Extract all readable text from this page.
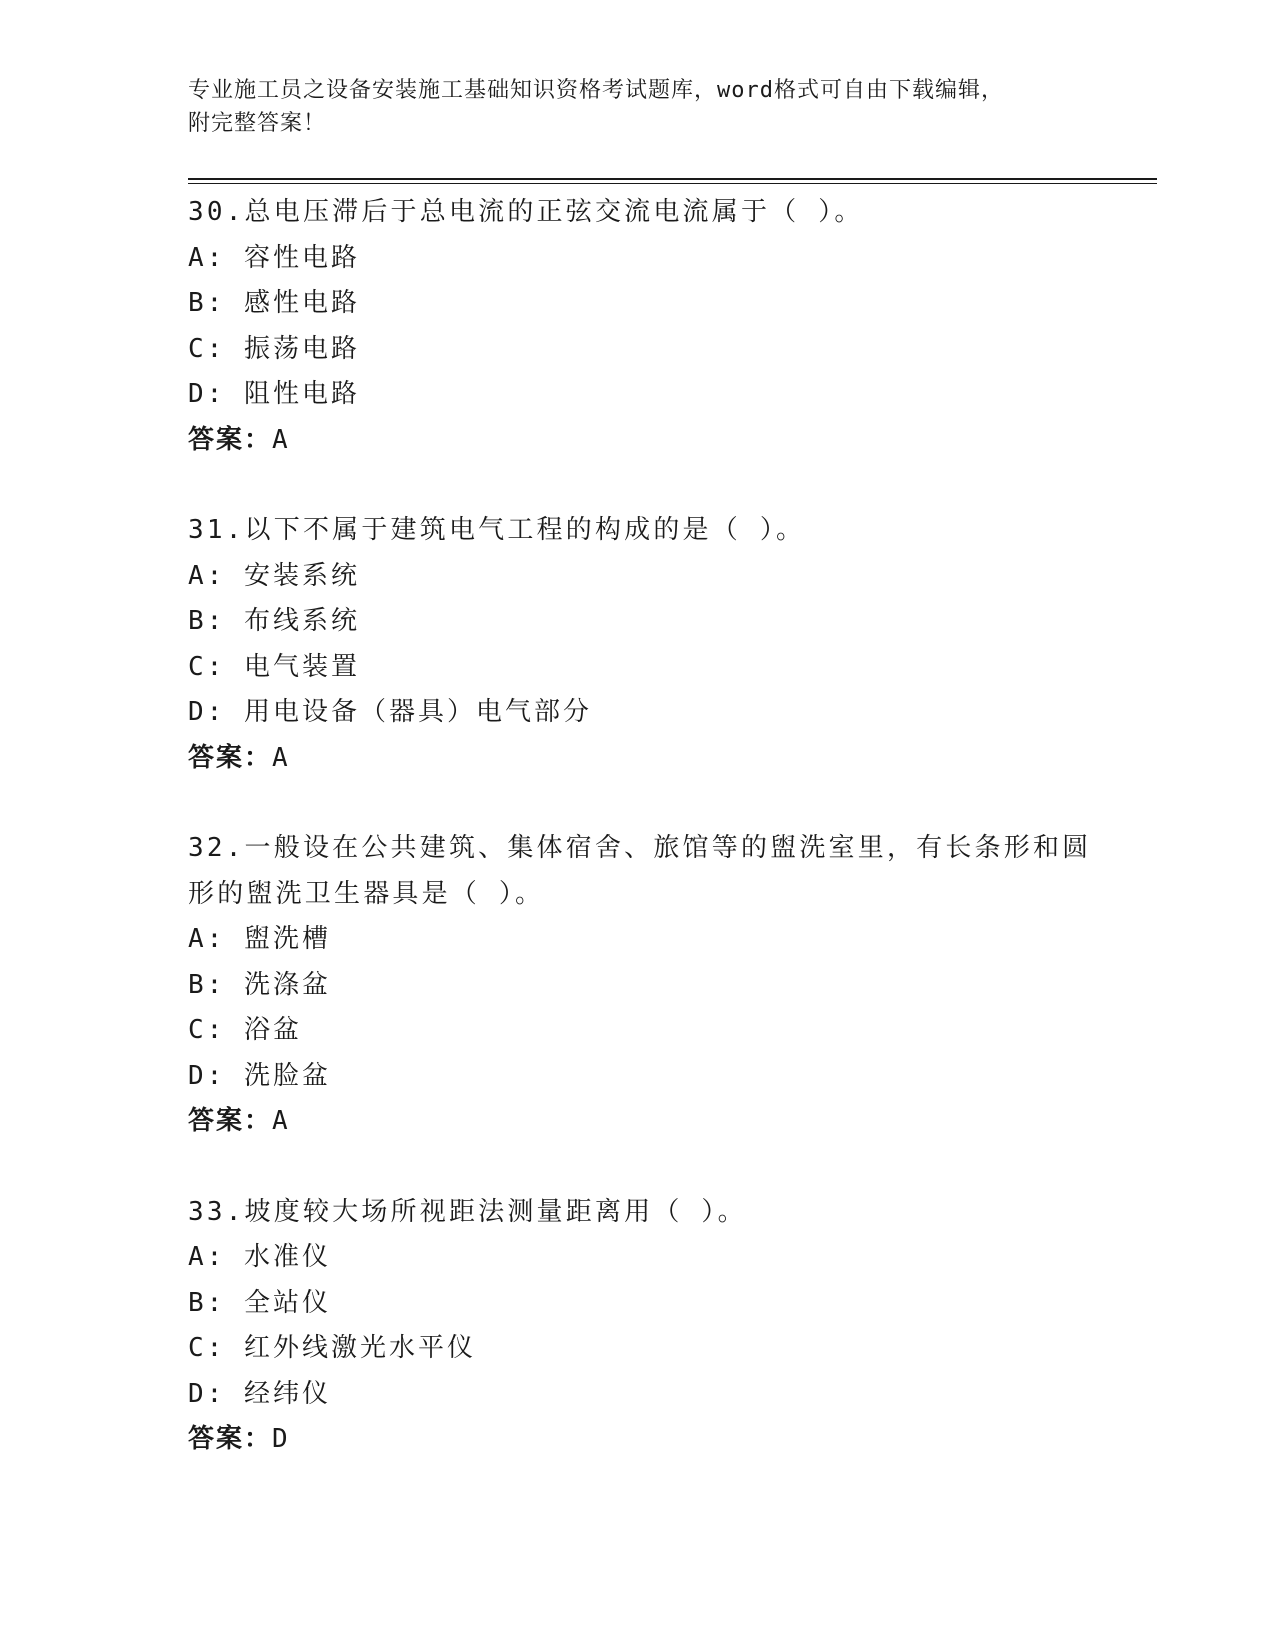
专业施工员之设备安装施工基础知识资格考试题库，word格式可自由下载编辑，
附完整答案！
30.总电压滞后于总电流的正弦交流电流属于（ ）。
A: 容性电路
B: 感性电路
C: 振荡电路
D: 阻性电路
答案：A
31.以下不属于建筑电气工程的构成的是（ ）。
A: 安装系统
B: 布线系统
C: 电气装置
D: 用电设备（器具）电气部分
答案：A
32.一般设在公共建筑、集体宿舍、旅馆等的盥洗室里，有长条形和圆
形的盥洗卫生器具是（ ）。
A: 盥洗槽
B: 洗涤盆
C: 浴盆
D: 洗脸盆
答案：A
33.坡度较大场所视距法测量距离用（ ）。
A: 水准仪
B: 全站仪
C: 红外线激光水平仪
D: 经纬仪
答案：D
